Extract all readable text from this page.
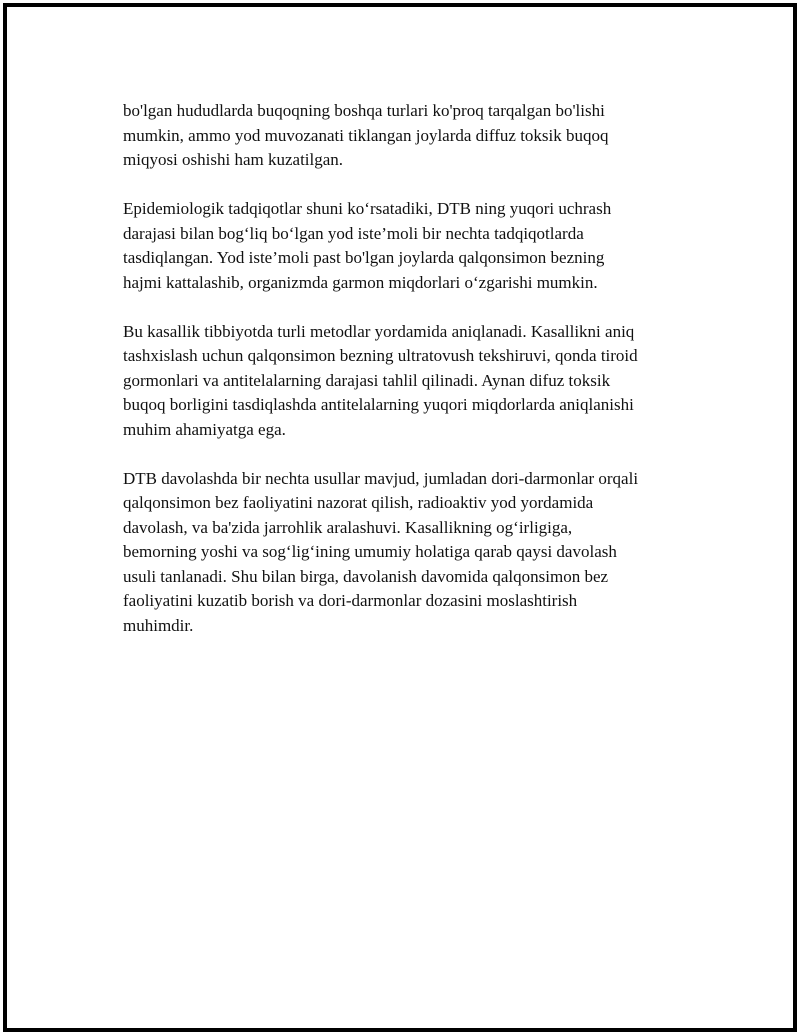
bo'lgan hududlarda buqoqning boshqa turlari ko'proq tarqalgan bo'lishi
mumkin, ammo yod muvozanati tiklangan joylarda diffuz toksik buqoq
miqyosi oshishi ham kuzatilgan.

Epidemiologik tadqiqotlar shuni ko‘rsatadiki, DTB ning yuqori uchrash
darajasi bilan bog‘liq bo‘lgan yod iste’moli bir nechta tadqiqotlarda
tasdiqlangan. Yod iste’moli past bo'lgan joylarda qalqonsimon bezning
hajmi kattalashib, organizmda garmon miqdorlari o‘zgarishi mumkin.

Bu kasallik tibbiyotda turli metodlar yordamida aniqlanadi. Kasallikni aniq
tashxislash uchun qalqonsimon bezning ultratovush tekshiruvi, qonda tiroid
gormonlari va antitelalarning darajasi tahlil qilinadi. Aynan difuz toksik
buqoq borligini tasdiqlashda antitelalarning yuqori miqdorlarda aniqlanishi
muhim ahamiyatga ega.

DTB davolashda bir nechta usullar mavjud, jumladan dori-darmonlar orqali
qalqonsimon bez faoliyatini nazorat qilish, radioaktiv yod yordamida
davolash, va ba'zida jarrohlik aralashuvi. Kasallikning og‘irligiga,
bemorning yoshi va sog‘lig‘ining umumiy holatiga qarab qaysi davolash
usuli tanlanadi. Shu bilan birga, davolanish davomida qalqonsimon bez
faoliyatini kuzatib borish va dori-darmonlar dozasini moslashtirish
muhimdir.
